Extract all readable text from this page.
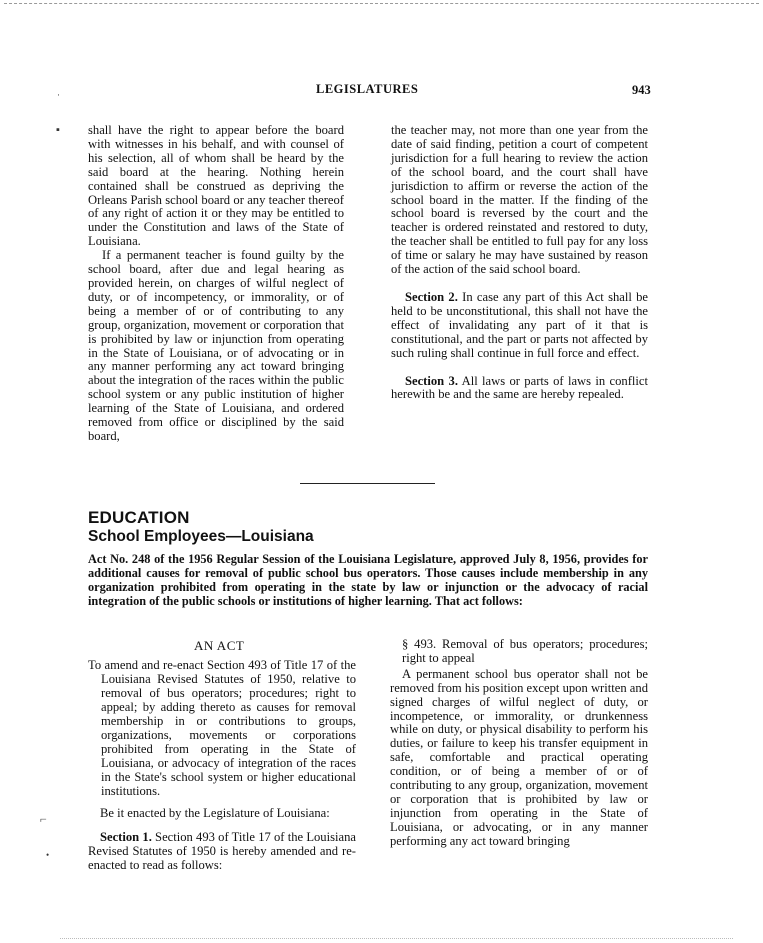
LEGISLATURES	943
·
▪ shall have the right to appear before the board with witnesses in his behalf, and with counsel of his selection, all of whom shall be heard by the said board at the hearing. Nothing herein contained shall be construed as depriving the Orleans Parish school board or any teacher thereof of any right of action it or they may be entitled to under the Constitution and laws of the State of Louisiana.

If a permanent teacher is found guilty by the school board, after due and legal hearing as provided herein, on charges of wilful neglect of duty, or of incompetency, or immorality, or of being a member of or of contributing to any group, organization, movement or corporation that is prohibited by law or injunction from operating in the State of Louisiana, or of advocating or in any manner performing any act toward bringing about the integration of the races within the public school system or any public institution of higher learning of the State of Louisiana, and ordered removed from office or disciplined by the said board,

the teacher may, not more than one year from the date of said finding, petition a court of competent jurisdiction for a full hearing to review the action of the school board, and the court shall have jurisdiction to affirm or reverse the action of the school board in the matter. If the finding of the school board is reversed by the court and the teacher is ordered reinstated and restored to duty, the teacher shall be entitled to full pay for any loss of time or salary he may have sustained by reason of the action of the said school board.

Section 2. In case any part of this Act shall be held to be unconstitutional, this shall not have the effect of invalidating any part of it that is constitutional, and the part or parts not affected by such ruling shall continue in full force and effect.

Section 3. All laws or parts of laws in conflict herewith be and the same are hereby repealed.

EDUCATION
School Employees—Louisiana
Act No. 248 of the 1956 Regular Session of the Louisiana Legislature, approved July 8, 1956, provides for additional causes for removal of public school bus operators. Those causes include membership in any organization prohibited from operating in the state by law or injunction or the advocacy of racial integration of the public schools or institutions of higher learning. That act follows:
AN ACT

To amend and re-enact Section 493 of Title 17 of the Louisiana Revised Statutes of 1950, relative to removal of bus operators; procedures; right to appeal; by adding thereto as causes for removal membership in or contributions to groups, organizations, movements or corporations prohibited from operating in the State of Louisiana, or advocacy of integration of the races in the State's school system or higher educational institutions.

⌐
•

Be it enacted by the Legislature of Louisiana:

Section 1. Section 493 of Title 17 of the Louisiana Revised Statutes of 1950 is hereby amended and re-enacted to read as follows:

§ 493. Removal of bus operators; procedures; right to appeal

A permanent school bus operator shall not be removed from his position except upon written and signed charges of wilful neglect of duty, or incompetence, or immorality, or drunkenness while on duty, or physical disability to perform his duties, or failure to keep his transfer equipment in safe, comfortable and practical operating condition, or of being a member of or of contributing to any group, organization, movement or corporation that is prohibited by law or injunction from operating in the State of Louisiana, or advocating, or in any manner performing any act toward bringing
